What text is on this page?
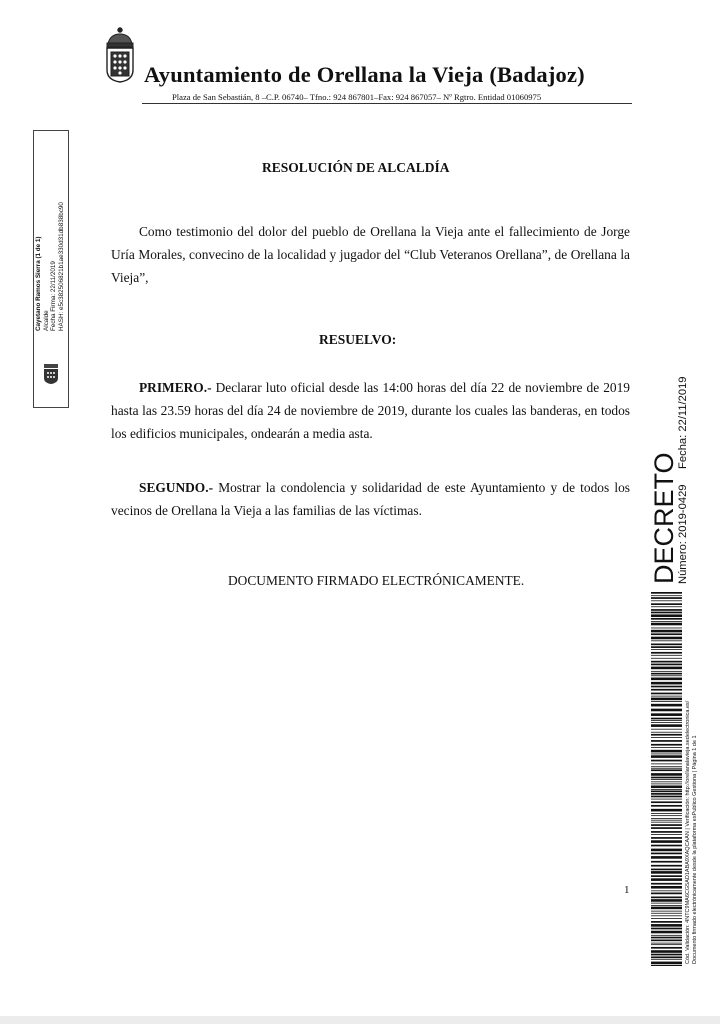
Ayuntamiento de Orellana la Vieja (Badajoz)
Plaza de San Sebastián, 8 –C.P. 06740– Tfno.: 924 867801–Fax: 924 867057– Nº Rgtro. Entidad 01060975
Cayetano Ramos Sierra (1 de 1) Alcalde Fecha Firma: 22/11/2019 HASH: e5c382506821b1ae330d31db838bc90
RESOLUCIÓN DE ALCALDÍA
Como testimonio del dolor del pueblo de Orellana la Vieja ante el fallecimiento de Jorge Uría Morales, convecino de la localidad y jugador del “Club Veteranos Orellana”, de Orellana la Vieja”,
RESUELVO:
PRIMERO.- Declarar luto oficial desde las 14:00 horas del día 22 de noviembre de 2019 hasta las 23.59 horas del día 24 de noviembre de 2019, durante los cuales las banderas, en todos los edificios municipales, ondearán a media asta.
SEGUNDO.- Mostrar la condolencia y solidaridad de este Ayuntamiento y de todos los vecinos de Orellana la Vieja a las familias de las víctimas.
DOCUMENTO FIRMADO ELECTRÓNICAMENTE.
1
DECRETO
Número: 2019-0429     Fecha: 22/11/2019
Cód. Validación: 4NTC9MA6CG5AD1ABA9XAQCAAN | Verificación: http://orellanalavieja.sedelectronica.es/ Documento firmado electrónicamente desde la plataforma esPublico Gestiona | Página 1 de 1
